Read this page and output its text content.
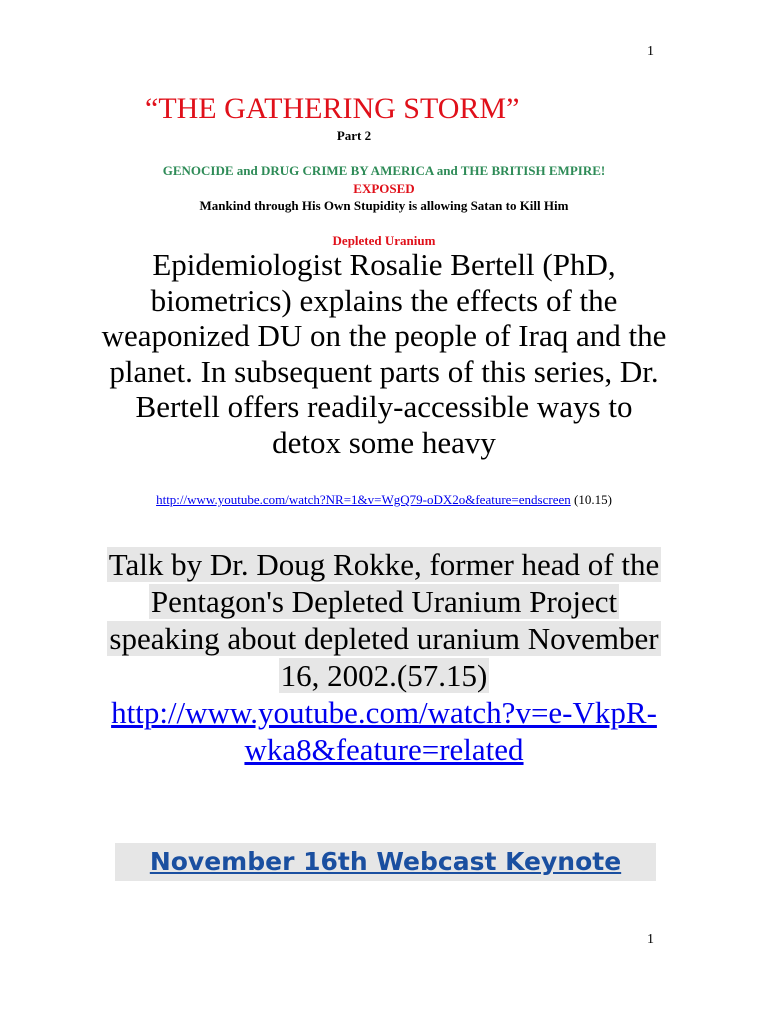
1
“THE GATHERING STORM”
Part 2
GENOCIDE and DRUG CRIME BY AMERICA and THE BRITISH EMPIRE!
EXPOSED
Mankind through His Own Stupidity is allowing Satan to Kill Him
Depleted Uranium
Epidemiologist Rosalie Bertell (PhD, biometrics) explains the effects of the weaponized DU on the people of Iraq and the planet. In subsequent parts of this series, Dr. Bertell offers readily-accessible ways to detox some heavy
http://www.youtube.com/watch?NR=1&v=WgQ79-oDX2o&feature=endscreen (10.15)
Talk by Dr. Doug Rokke, former head of the Pentagon's Depleted Uranium Project speaking about depleted uranium November 16, 2002.(57.15)
http://www.youtube.com/watch?v=e-VkpR-wka8&feature=related
November 16th Webcast Keynote
1
